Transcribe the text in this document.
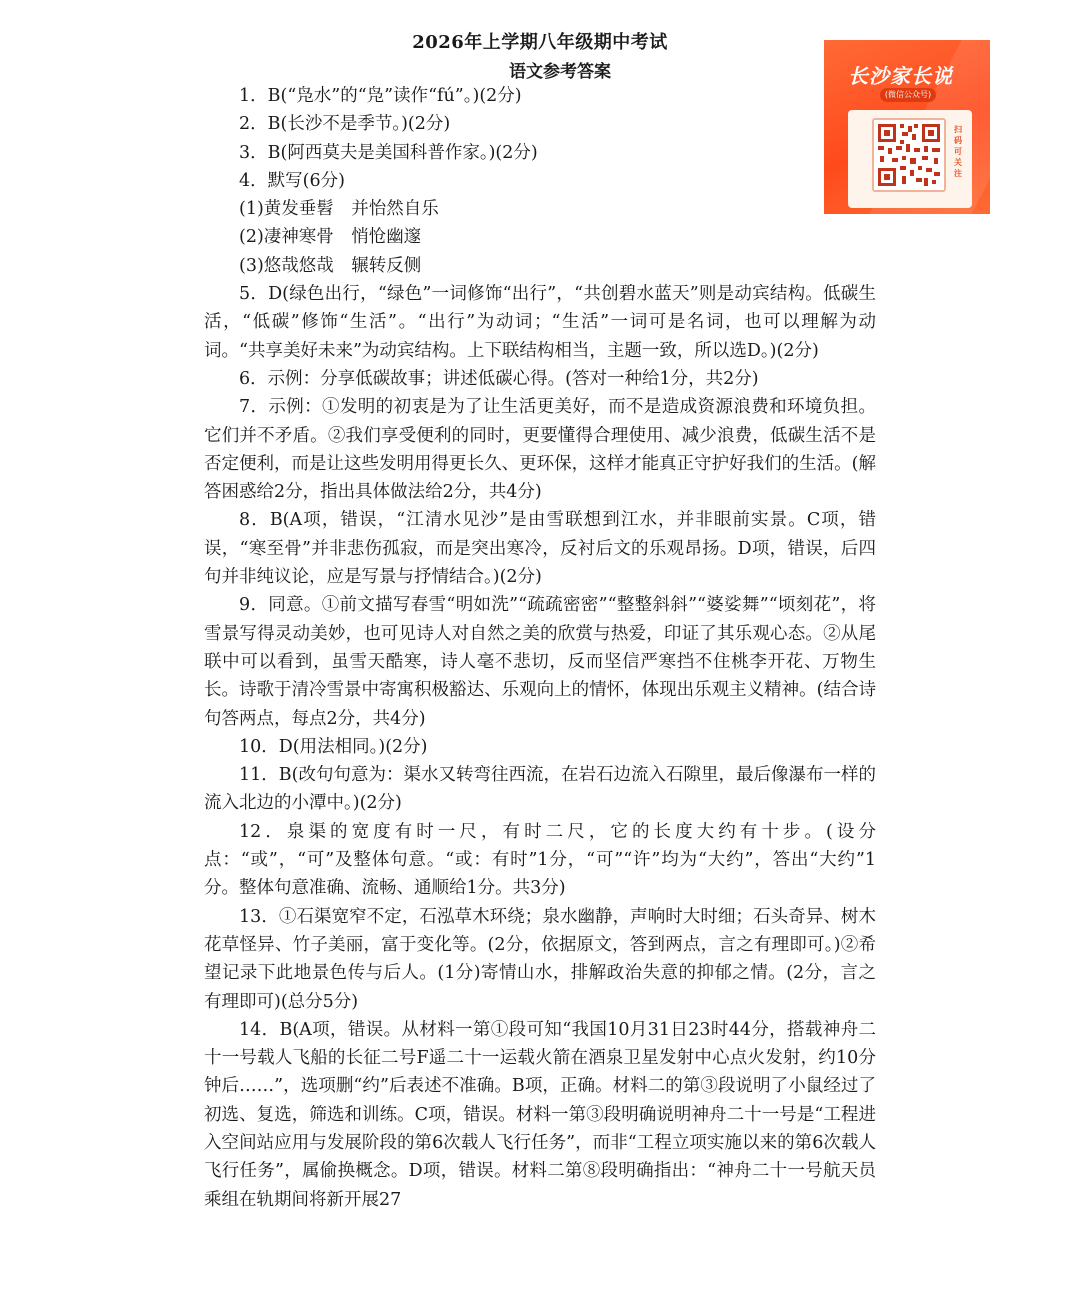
2026年上学期八年级期中考试
语文参考答案	长沙家长说
(微信公众号)
扫码可关注

1．B(“凫水”的“凫”读作“fú”。)(2分)

2．B(长沙不是季节。)(2分)

3．B(阿西莫夫是美国科普作家。)(2分)

4．默写(6分)

(1)黄发垂髫　并怡然自乐

(2)凄神寒骨　悄怆幽邃

(3)悠哉悠哉　辗转反侧

5．D(绿色出行，“绿色”一词修饰“出行”，“共创碧水蓝天”则是动宾结构。低碳生活，“低碳”修饰“生活”。“出行”为动词；“生活”一词可是名词，也可以理解为动词。“共享美好未来”为动宾结构。上下联结构相当，主题一致，所以选D。)(2分)

6．示例：分享低碳故事；讲述低碳心得。(答对一种给1分，共2分)

7．示例：①发明的初衷是为了让生活更美好，而不是造成资源浪费和环境负担。它们并不矛盾。②我们享受便利的同时，更要懂得合理使用、减少浪费，低碳生活不是否定便利，而是让这些发明用得更长久、更环保，这样才能真正守护好我们的生活。(解答困惑给2分，指出具体做法给2分，共4分)

8．B(A项，错误，“江清水见沙”是由雪联想到江水，并非眼前实景。C项，错误，“寒至骨”并非悲伤孤寂，而是突出寒冷，反衬后文的乐观昂扬。D项，错误，后四句并非纯议论，应是写景与抒情结合。)(2分)

9．同意。①前文描写春雪“明如洗”“疏疏密密”“整整斜斜”“婆娑舞”“顷刻花”，将雪景写得灵动美妙，也可见诗人对自然之美的欣赏与热爱，印证了其乐观心态。②从尾联中可以看到，虽雪天酷寒，诗人毫不悲切，反而坚信严寒挡不住桃李开花、万物生长。诗歌于清冷雪景中寄寓积极豁达、乐观向上的情怀，体现出乐观主义精神。(结合诗句答两点，每点2分，共4分)

10．D(用法相同。)(2分)

11．B(改句句意为：渠水又转弯往西流，在岩石边流入石隙里，最后像瀑布一样的流入北边的小潭中。)(2分)

12．泉渠的宽度有时一尺，有时二尺，它的长度大约有十步。(设分点：“或”，“可”及整体句意。“或：有时”1分，“可”“许”均为“大约”，答出“大约”1分。整体句意准确、流畅、通顺给1分。共3分)

13．①石渠宽窄不定，石泓草木环绕；泉水幽静，声响时大时细；石头奇异、树木花草怪异、竹子美丽，富于变化等。(2分，依据原文，答到两点，言之有理即可。)②希望记录下此地景色传与后人。(1分)寄情山水，排解政治失意的抑郁之情。(2分，言之有理即可)(总分5分)

14．B(A项，错误。从材料一第①段可知“我国10月31日23时44分，搭载神舟二十一号载人飞船的长征二号F遥二十一运载火箭在酒泉卫星发射中心点火发射，约10分钟后……”，选项删“约”后表述不准确。B项，正确。材料二的第③段说明了小鼠经过了初选、复选，筛选和训练。C项，错误。材料一第③段明确说明神舟二十一号是“工程进入空间站应用与发展阶段的第6次载人飞行任务”，而非“工程立项实施以来的第6次载人飞行任务”，属偷换概念。D项，错误。材料二第⑧段明确指出：“神舟二十一号航天员乘组在轨期间将新开展27
